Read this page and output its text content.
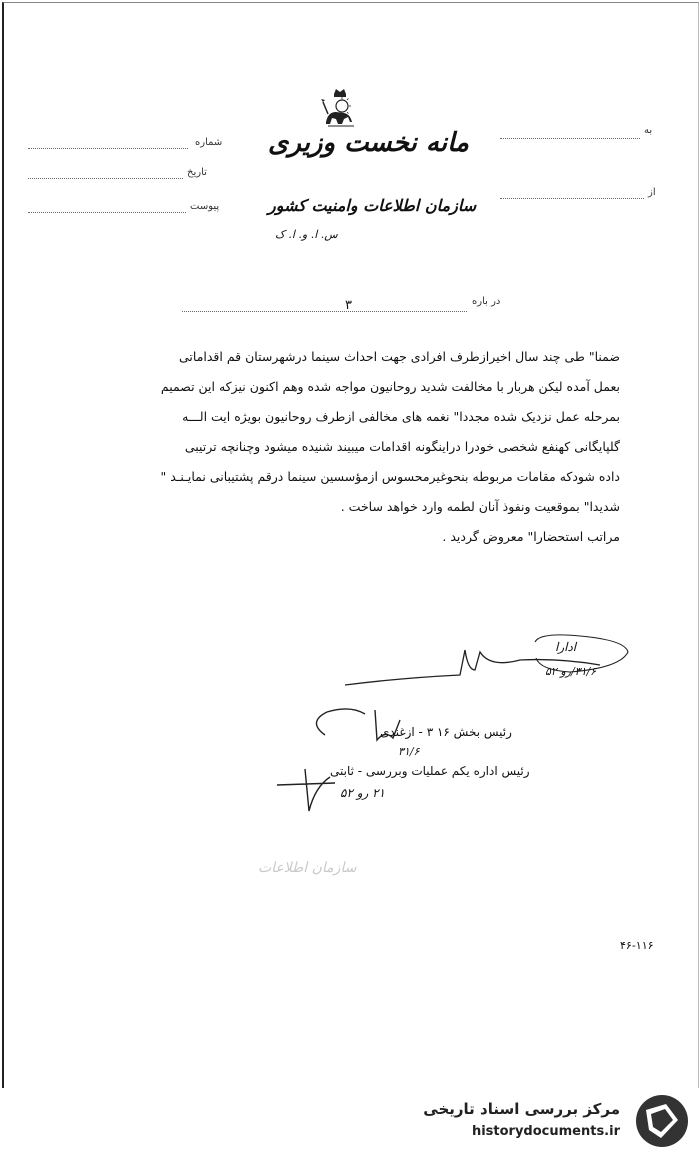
شماره
تاریخ
پیوست
به
از
مانه نخست وزیری
سازمان اطلاعات وامنیت کشور
س. ا. و. ا. ک
در باره
۳
ضمنا" طی چند سال اخیرازطرف افرادی جهت احداث سینما درشهرستان قم اقداماتی
بعمل آمده لیکن هربار با مخالفت شدید روحانیون مواجه شده وهم اکنون نیزکه این تصمیم
بمرحله عمل نزدیک شده مجددا" نغمه های مخالفی ازطرف روحانیون بویژه ایت الـــه
گلپایگانی کهنفع شخصی خودرا دراینگونه اقدامات میبیند شنیده میشود وچنانچه ترتیبی
داده شودکه مقامات مربوطه بنحوغیرمحسوس ازمؤسسین سینما درقم پشتیبانی نمایـنـد "
شدیدا" بموقعیت ونفوذ آنان لطمه وارد خواهد ساخت .
مراتب استحضارا" معروض گردید .
ادارا
۳۱/۶/رو ۵۲
رئیس بخش ۱۶ ۳ - ازغندی
۳۱/۶
رئیس اداره یکم عملیات وبررسی - ثابتی
۲۱ رو ۵۲
سازمان اطلاعات
۴۶-۱۱۶
مرکز بررسی اسناد تاریخی
historydocuments.ir
